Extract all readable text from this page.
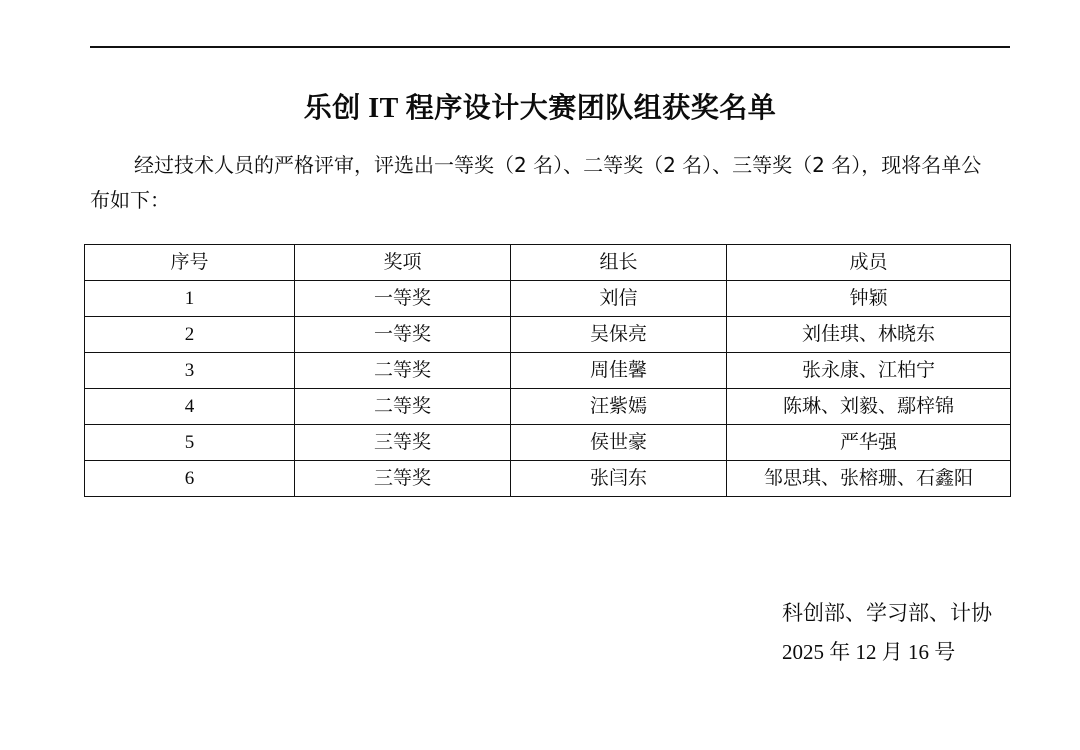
乐创 IT 程序设计大赛团队组获奖名单
经过技术人员的严格评审，评选出一等奖（2 名）、二等奖（2 名）、三等奖（2 名），现将名单公布如下：
序号	奖项	组长	成员
1	一等奖	刘信	钟颖
2	一等奖	吴保亮	刘佳琪、林晓东
3	二等奖	周佳馨	张永康、江柏宁
4	二等奖	汪紫嫣	陈琳、刘毅、鄢梓锦
5	三等奖	侯世豪	严华强
6	三等奖	张闫东	邹思琪、张榕珊、石鑫阳
科创部、学习部、计协
2025 年 12 月 16 号
